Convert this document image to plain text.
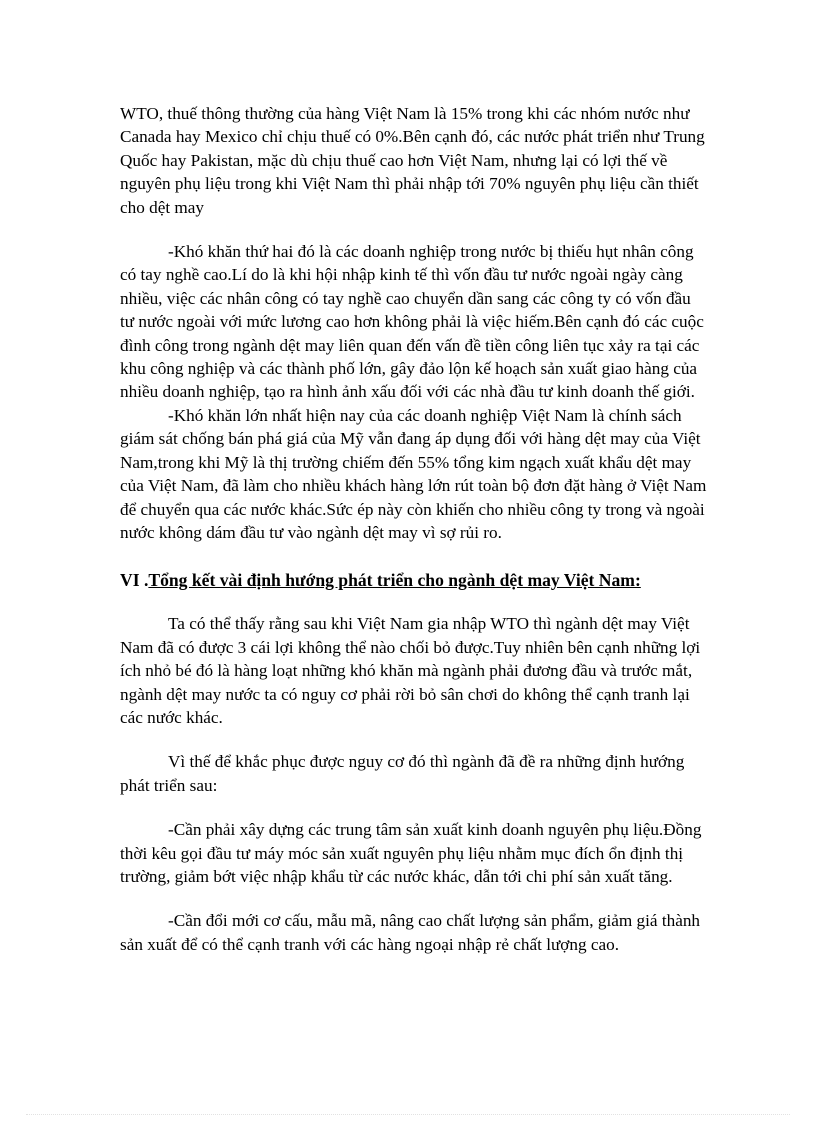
WTO, thuế thông thường của hàng Việt Nam là 15% trong khi các nhóm nước như Canada hay Mexico chỉ chịu thuế có 0%.Bên cạnh đó, các nước phát triển như Trung Quốc hay Pakistan, mặc dù chịu thuế cao hơn Việt Nam, nhưng lại có lợi thế về nguyên phụ liệu trong khi Việt Nam thì phải nhập tới 70% nguyên phụ liệu cần thiết cho dệt may

-Khó khăn thứ hai đó là các doanh nghiệp trong nước bị thiếu hụt nhân công có tay nghề cao.Lí do là khi hội nhập kinh tế thì vốn đầu tư nước ngoài ngày càng nhiều, việc các nhân công có tay nghề cao chuyển dần sang các công ty có vốn đầu tư nước ngoài với mức lương cao hơn không phải là việc hiếm.Bên cạnh đó các cuộc đình công trong ngành dệt may liên quan đến vấn đề tiền công liên tục xảy ra tại các khu công nghiệp và các thành phố lớn, gây đảo lộn kế hoạch sản xuất giao hàng của nhiều doanh nghiệp, tạo ra hình ảnh xấu đối với các nhà đầu tư kinh doanh thế giới.

-Khó khăn lớn nhất hiện nay của các doanh nghiệp Việt Nam là chính sách giám sát chống bán phá giá của Mỹ vẫn đang áp dụng đối với hàng dệt may của Việt Nam,trong khi Mỹ là thị trường chiếm đến 55% tổng kim ngạch xuất khẩu dệt may của Việt Nam, đã làm cho nhiều khách hàng lớn rút toàn bộ đơn đặt hàng ở Việt Nam để chuyển qua các nước khác.Sức ép này còn khiến cho nhiều công ty trong và ngoài nước không dám đầu tư vào ngành dệt may vì sợ rủi ro.

VI .Tổng kết vài định hướng phát triển cho ngành dệt may Việt Nam:

Ta có thể thấy rằng sau khi Việt Nam gia nhập WTO thì ngành dệt may Việt Nam đã có được 3 cái lợi không thể nào chối bỏ được.Tuy nhiên bên cạnh những lợi ích nhỏ bé đó là hàng loạt những khó khăn mà ngành phải đương đầu và trước mắt, ngành dệt may nước ta có nguy cơ phải rời bỏ sân chơi do không thể cạnh tranh lại các nước khác.

Vì thế để khắc phục được nguy cơ đó thì ngành đã đề ra những định hướng phát triển sau:

-Cần phải xây dựng các trung tâm sản xuất kinh doanh nguyên phụ liệu.Đồng thời kêu gọi đầu tư máy móc sản xuất nguyên phụ liệu nhằm mục đích ổn định thị trường, giảm bớt việc nhập khẩu từ các nước khác, dẫn tới chi phí sản xuất tăng.

-Cần đổi mới cơ cấu, mẫu mã, nâng cao chất lượng sản phẩm, giảm giá thành sản xuất để có thể cạnh tranh với các hàng ngoại nhập rẻ chất lượng cao.
